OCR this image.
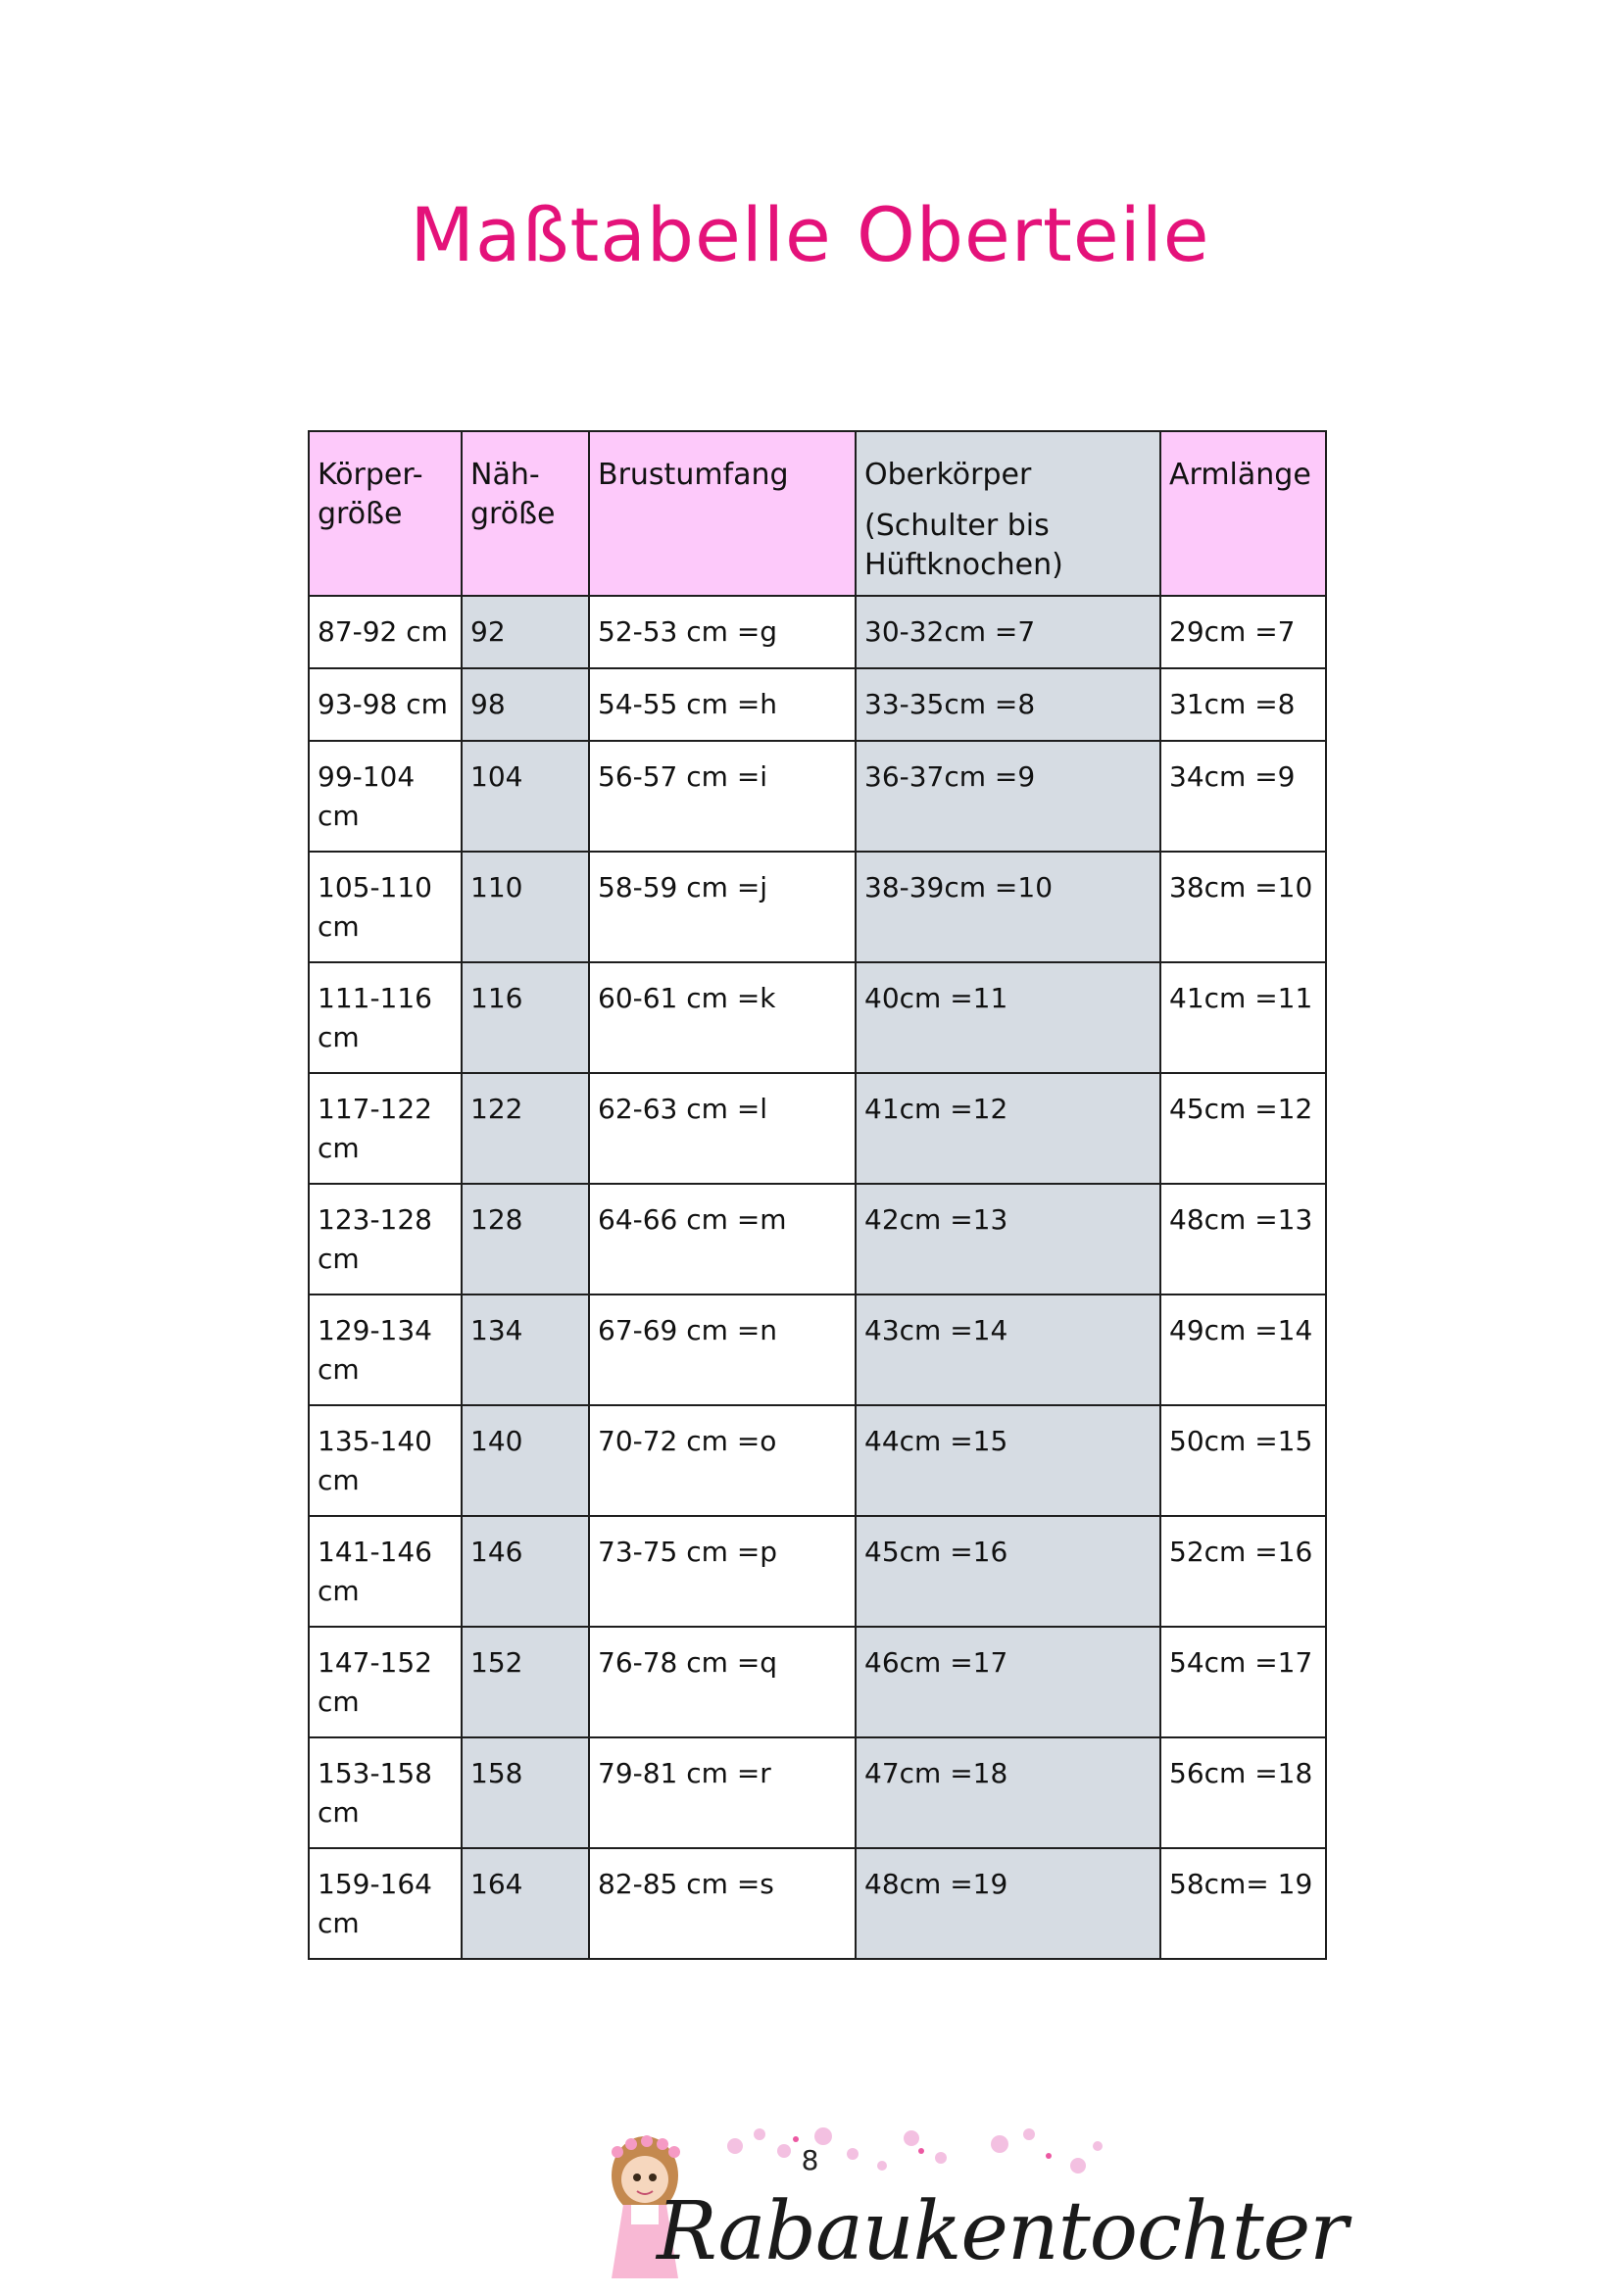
Maßtabelle Oberteile
Körper-
größe	Näh-
größe	Brustumfang	Oberkörper
(Schulter bis
Hüftknochen)	Armlänge

87-92 cm	92	52-53 cm =g	30-32cm =7	29cm =7

93-98 cm	98	54-55 cm =h	33-35cm =8	31cm =8

99-104
cm	104	56-57 cm =i	36-37cm =9	34cm =9

105-110
cm	110	58-59 cm =j	38-39cm =10	38cm =10

111-116
cm	116	60-61 cm =k	40cm =11	41cm =11

117-122
cm	122	62-63 cm =l	41cm =12	45cm =12

123-128
cm	128	64-66 cm =m	42cm =13	48cm =13

129-134
cm	134	67-69 cm =n	43cm =14	49cm =14

135-140
cm	140	70-72 cm =o	44cm =15	50cm =15

141-146
cm	146	73-75 cm =p	45cm =16	52cm =16

147-152
cm	152	76-78 cm =q	46cm =17	54cm =17

153-158
cm	158	79-81 cm =r	47cm =18	56cm =18

159-164
cm	164	82-85 cm =s	48cm =19	58cm= 19
8
Rabaukentochter
